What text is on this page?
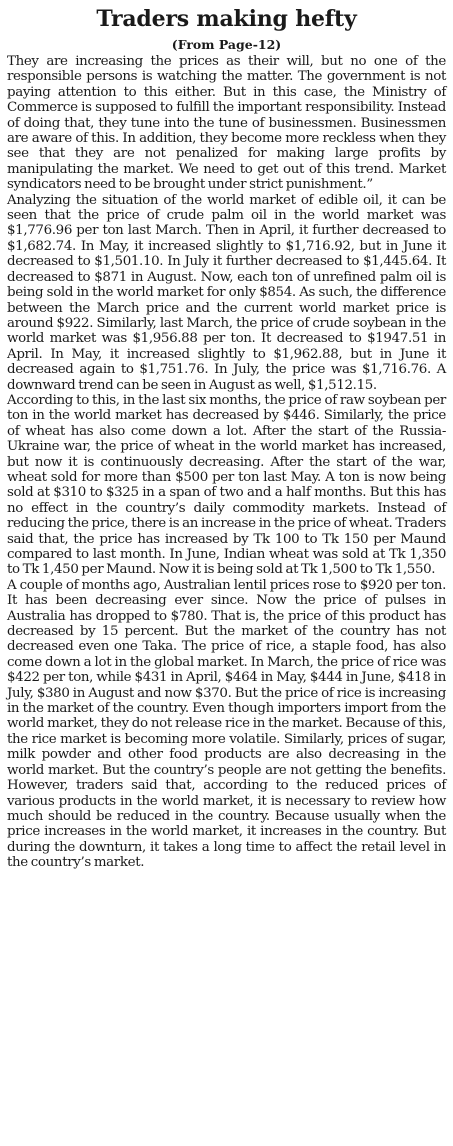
Traders making hefty
(From Page-12)

They are increasing the prices as their will, but no one of the responsible persons is watching the matter. The government is not paying attention to this either. But in this case, the Ministry of Commerce is supposed to fulfill the important responsibility. Instead of doing that, they tune into the tune of businessmen. Businessmen are aware of this. In addition, they become more reckless when they see that they are not penalized for making large profits by manipulating the market. We need to get out of this trend. Market syndicators need to be brought under strict punishment.”

Analyzing the situation of the world market of edible oil, it can be seen that the price of crude palm oil in the world market was $1,776.96 per ton last March. Then in April, it further decreased to $1,682.74. In May, it increased slightly to $1,716.92, but in June it decreased to $1,501.10. In July it further decreased to $1,445.64. It decreased to $871 in August. Now, each ton of unrefined palm oil is being sold in the world market for only $854. As such, the difference between the March price and the current world market price is around $922. Similarly, last March, the price of crude soybean in the world market was $1,956.88 per ton. It decreased to $1947.51 in April. In May, it increased slightly to $1,962.88, but in June it decreased again to $1,751.76. In July, the price was $1,716.76. A downward trend can be seen in August as well, $1,512.15.

According to this, in the last six months, the price of raw soybean per ton in the world market has decreased by $446. Similarly, the price of wheat has also come down a lot. After the start of the Russia-Ukraine war, the price of wheat in the world market has increased, but now it is continuously decreasing. After the start of the war, wheat sold for more than $500 per ton last May. A ton is now being sold at $310 to $325 in a span of two and a half months. But this has no effect in the country’s daily commodity markets. Instead of reducing the price, there is an increase in the price of wheat. Traders said that, the price has increased by Tk 100 to Tk 150 per Maund compared to last month. In June, Indian wheat was sold at Tk 1,350 to Tk 1,450 per Maund. Now it is being sold at Tk 1,500 to Tk 1,550.

A couple of months ago, Australian lentil prices rose to $920 per ton. It has been decreasing ever since. Now the price of pulses in Australia has dropped to $780. That is, the price of this product has decreased by 15 percent. But the market of the country has not decreased even one Taka. The price of rice, a staple food, has also come down a lot in the global market. In March, the price of rice was $422 per ton, while $431 in April, $464 in May, $444 in June, $418 in July, $380 in August and now $370. But the price of rice is increasing in the market of the country. Even though importers import from the world market, they do not release rice in the market. Because of this, the rice market is becoming more volatile. Similarly, prices of sugar, milk powder and other food products are also decreasing in the world market. But the country’s people are not getting the benefits. However, traders said that, according to the reduced prices of various products in the world market, it is necessary to review how much should be reduced in the country. Because usually when the price increases in the world market, it increases in the country. But during the downturn, it takes a long time to affect the retail level in the country’s market.
